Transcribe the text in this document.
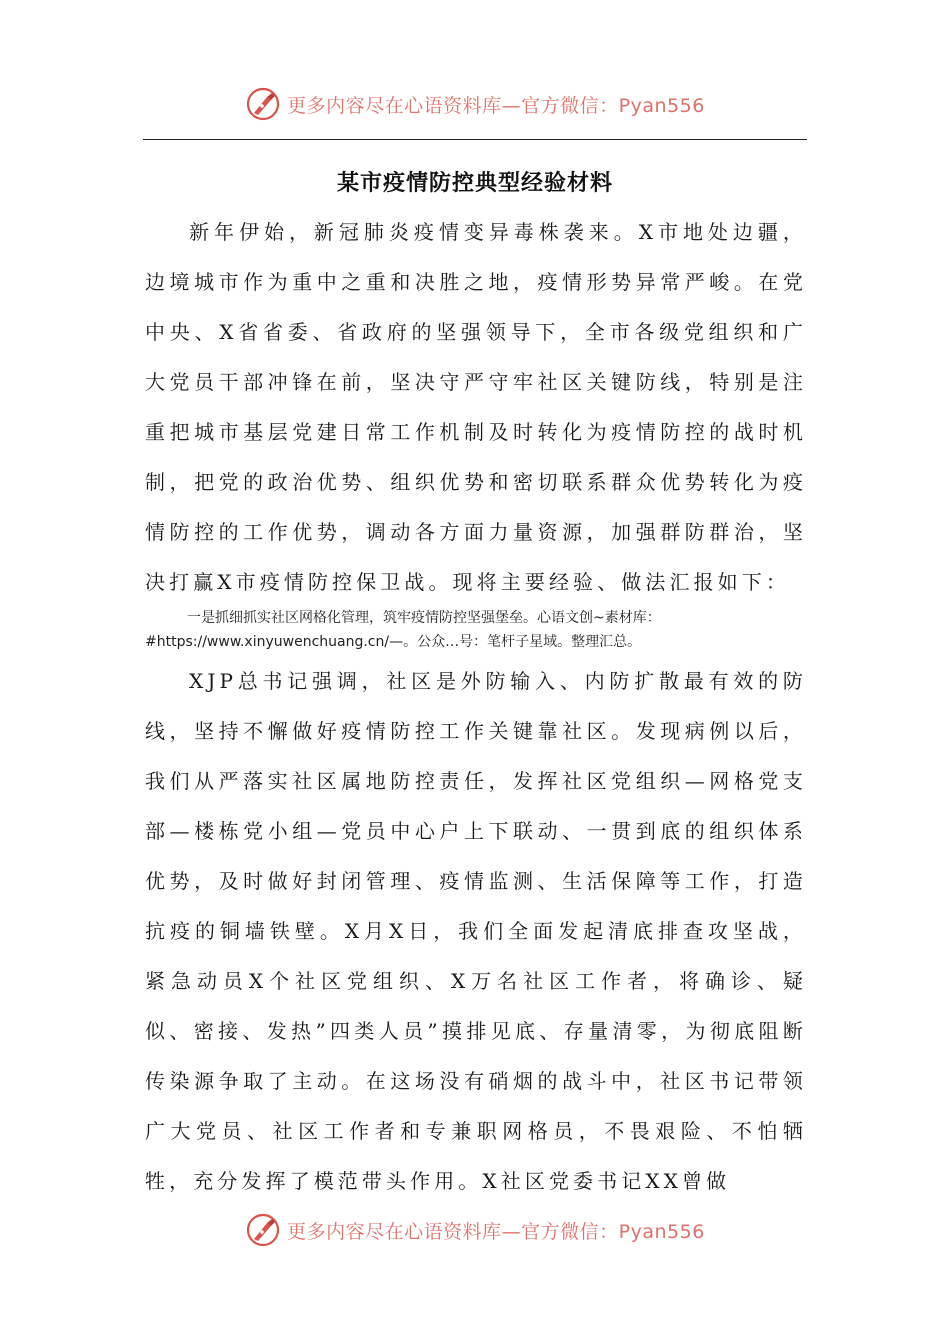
更多内容尽在心语资料库—官方微信：Pyan556
某市疫情防控典型经验材料

新年伊始，新冠肺炎疫情变异毒株袭来。X市地处边疆，边境城市作为重中之重和决胜之地，疫情形势异常严峻。在党中央、X省省委、省政府的坚强领导下，全市各级党组织和广大党员干部冲锋在前，坚决守严守牢社区关键防线，特别是注重把城市基层党建日常工作机制及时转化为疫情防控的战时机制，把党的政治优势、组织优势和密切联系群众优势转化为疫情防控的工作优势，调动各方面力量资源，加强群防群治，坚决打赢X市疫情防控保卫战。现将主要经验、做法汇报如下：

一是抓细抓实社区网格化管理，筑牢疫情防控坚强堡垒。心语文创~素材库：

#https://www.xinyuwenchuang.cn/—。公众…号：笔杆子星域。整理汇总。

XJP总书记强调，社区是外防输入、内防扩散最有效的防线，坚持不懈做好疫情防控工作关键靠社区。发现病例以后，我们从严落实社区属地防控责任，发挥社区党组织—网格党支部—楼栋党小组—党员中心户上下联动、一贯到底的组织体系优势，及时做好封闭管理、疫情监测、生活保障等工作，打造抗疫的铜墙铁壁。X月X日，我们全面发起清底排查攻坚战，紧急动员X个社区党组织、X万名社区工作者，将确诊、疑似、密接、发热”四类人员”摸排见底、存量清零，为彻底阻断传染源争取了主动。在这场没有硝烟的战斗中，社区书记带领广大党员、社区工作者和专兼职网格员，不畏艰险、不怕牺牲，充分发挥了模范带头作用。X社区党委书记XX曾做

更多内容尽在心语资料库—官方微信：Pyan556
